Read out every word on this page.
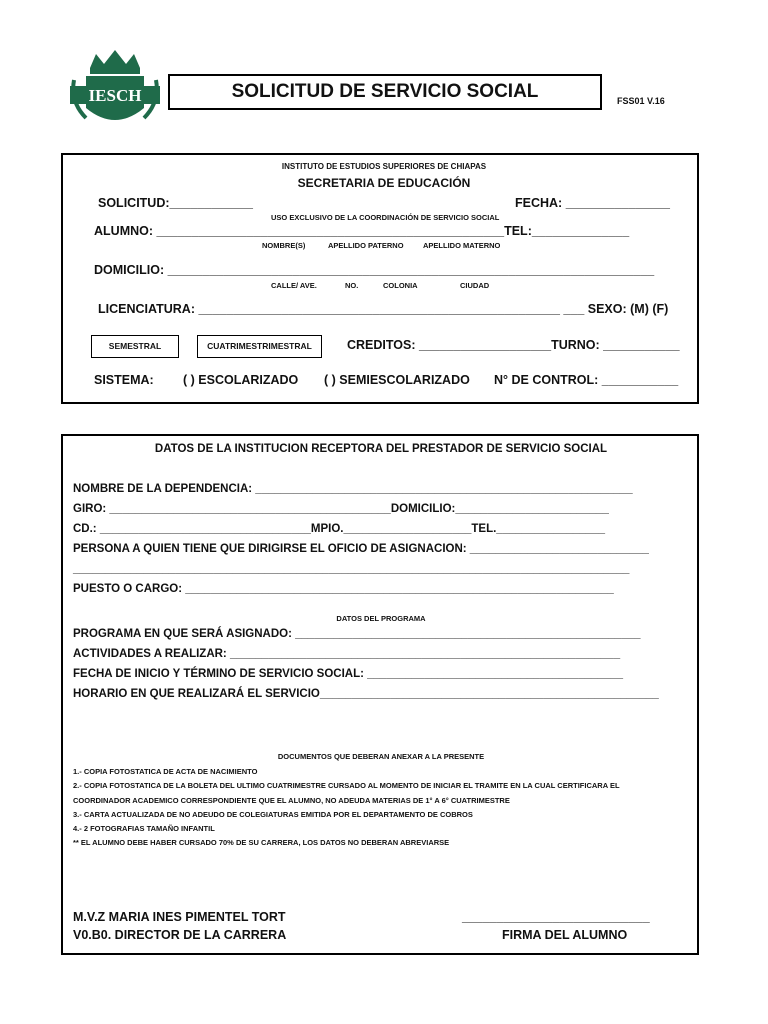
IESCH	SOLICITUD DE SERVICIO SOCIAL	FSS01 V.16
INSTITUTO DE ESTUDIOS SUPERIORES DE CHIAPAS
SECRETARIA DE EDUCACIÓN
SOLICITUD:____________	FECHA: _______________
USO EXCLUSIVO DE LA COORDINACIÓN DE SERVICIO SOCIAL
ALUMNO: __________________________________________________TEL:______________
NOMBRE(S)	APELLIDO PATERNO	APELLIDO MATERNO
DOMICILIO: ______________________________________________________________________
CALLE/ AVE.	NO.	COLONIA	CIUDAD
LICENCIATURA: ____________________________________________________ ___ SEXO: (M) (F)
SEMESTRAL	CUATRIMESTRIMESTRAL	CREDITOS: ___________________TURNO: ___________
SISTEMA: ( ) ESCOLARIZADO ( ) SEMIESCOLARIZADO N° DE CONTROL: ___________
DATOS DE LA INSTITUCION RECEPTORA DEL PRESTADOR DE SERVICIO SOCIAL
NOMBRE DE LA DEPENDENCIA: ___________________________________________________________
GIRO: ____________________________________________DOMICILIO:________________________
CD.: _________________________________MPIO.____________________TEL._________________
PERSONA A QUIEN TIENE QUE DIRIGIRSE EL OFICIO DE ASIGNACION: ____________________________
_______________________________________________________________________________________
PUESTO O CARGO: ___________________________________________________________________
DATOS DEL PROGRAMA
PROGRAMA EN QUE SERÁ ASIGNADO: ______________________________________________________
ACTIVIDADES A REALIZAR: _____________________________________________________________
FECHA DE INICIO Y TÉRMINO DE SERVICIO SOCIAL: ________________________________________
HORARIO EN QUE REALIZARÁ EL SERVICIO_____________________________________________________
DOCUMENTOS QUE DEBERAN ANEXAR A LA PRESENTE
1.- COPIA FOTOSTATICA DE ACTA DE NACIMIENTO
2.- COPIA FOTOSTATICA DE LA BOLETA DEL ULTIMO CUATRIMESTRE CURSADO AL MOMENTO DE INICIAR EL TRAMITE EN LA CUAL CERTIFICARA EL
COORDINADOR ACADEMICO CORRESPONDIENTE QUE EL ALUMNO, NO ADEUDA MATERIAS DE 1° A 6° CUATRIMESTRE
3.- CARTA ACTUALIZADA DE NO ADEUDO DE COLEGIATURAS EMITIDA POR EL DEPARTAMENTO DE COBROS
4.- 2 FOTOGRAFIAS TAMAÑO INFANTIL
** EL ALUMNO DEBE HABER CURSADO 70% DE SU CARRERA, LOS DATOS NO DEBERAN ABREVIARSE
M.V.Z MARIA INES PIMENTEL TORT
V0.B0. DIRECTOR DE LA CARRERA
___________________________
FIRMA DEL ALUMNO
